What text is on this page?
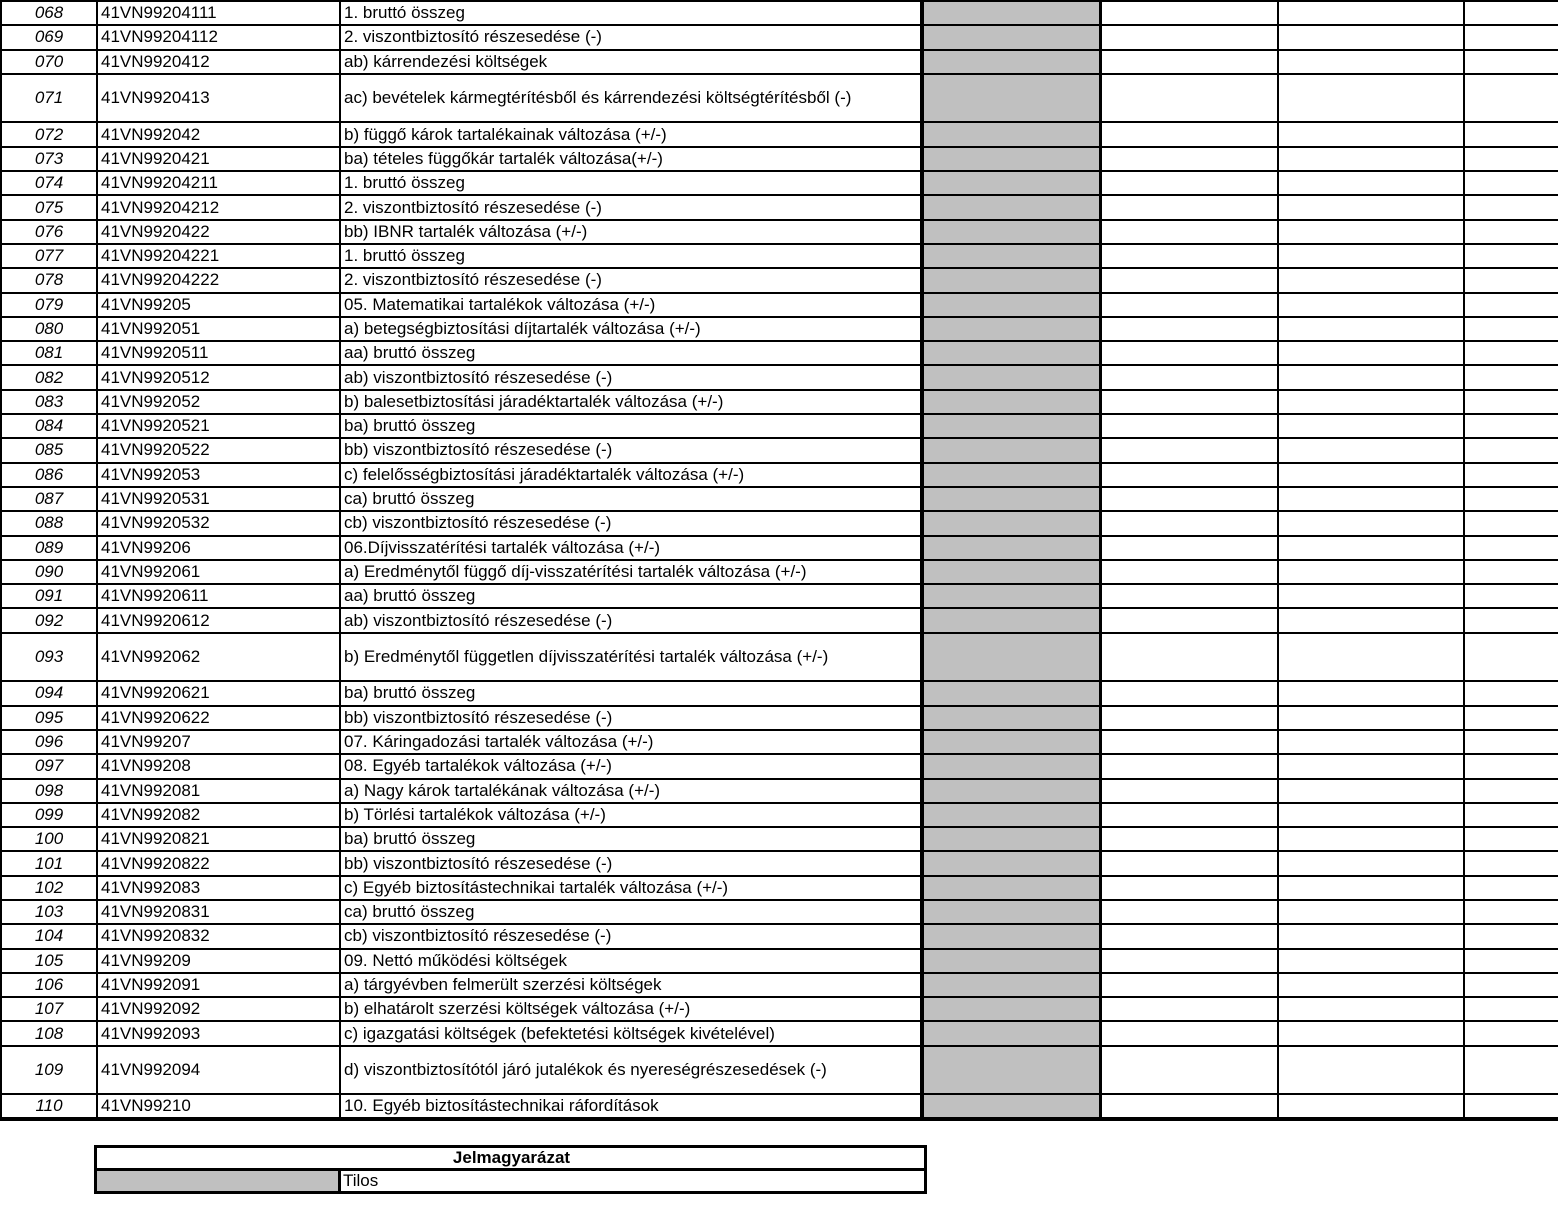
068	41VN99204111	1. bruttó összeg				
069	41VN99204112	2. viszontbiztosító részesedése (-)				
070	41VN9920412	ab) kárrendezési költségek				
071	41VN9920413	ac) bevételek kármegtérítésből és kárrendezési költségtérítésből (-)				
072	41VN992042	b) függő károk tartalékainak változása (+/-)				
073	41VN9920421	ba) tételes függőkár tartalék változása(+/-)				
074	41VN99204211	1. bruttó összeg				
075	41VN99204212	2. viszontbiztosító részesedése (-)				
076	41VN9920422	bb) IBNR tartalék változása (+/-)				
077	41VN99204221	1. bruttó összeg				
078	41VN99204222	2. viszontbiztosító részesedése (-)				
079	41VN99205	05. Matematikai tartalékok változása (+/-)				
080	41VN992051	a) betegségbiztosítási díjtartalék változása (+/-)				
081	41VN9920511	aa) bruttó összeg				
082	41VN9920512	ab) viszontbiztosító részesedése (-)				
083	41VN992052	b) balesetbiztosítási járadéktartalék változása (+/-)				
084	41VN9920521	ba) bruttó összeg				
085	41VN9920522	bb) viszontbiztosító részesedése (-)				
086	41VN992053	c) felelősségbiztosítási járadéktartalék változása (+/-)				
087	41VN9920531	ca) bruttó összeg				
088	41VN9920532	cb) viszontbiztosító részesedése (-)				
089	41VN99206	06.Díjvisszatérítési tartalék változása (+/-)				
090	41VN992061	a) Eredménytől függő díj-visszatérítési tartalék változása (+/-)				
091	41VN9920611	aa) bruttó összeg				
092	41VN9920612	ab) viszontbiztosító részesedése (-)				
093	41VN992062	b) Eredménytől független díjvisszatérítési tartalék változása (+/-)				
094	41VN9920621	ba) bruttó összeg				
095	41VN9920622	bb) viszontbiztosító részesedése (-)				
096	41VN99207	07. Káringadozási tartalék változása (+/-)				
097	41VN99208	08. Egyéb tartalékok változása (+/-)				
098	41VN992081	a) Nagy károk tartalékának változása (+/-)				
099	41VN992082	b) Törlési tartalékok változása (+/-)				
100	41VN9920821	ba) bruttó összeg				
101	41VN9920822	bb) viszontbiztosító részesedése (-)				
102	41VN992083	c) Egyéb biztosítástechnikai tartalék változása (+/-)				
103	41VN9920831	ca) bruttó összeg				
104	41VN9920832	cb) viszontbiztosító részesedése (-)				
105	41VN99209	09. Nettó működési költségek				
106	41VN992091	a) tárgyévben felmerült szerzési költségek				
107	41VN992092	b) elhatárolt szerzési költségek változása (+/-)				
108	41VN992093	c) igazgatási költségek (befektetési költségek kivételével)				
109	41VN992094	d) viszontbiztosítótól járó jutalékok és nyereségrészesedések (-)				
110	41VN99210	10. Egyéb biztosítástechnikai ráfordítások				
Jelmagyarázat
	Tilos
